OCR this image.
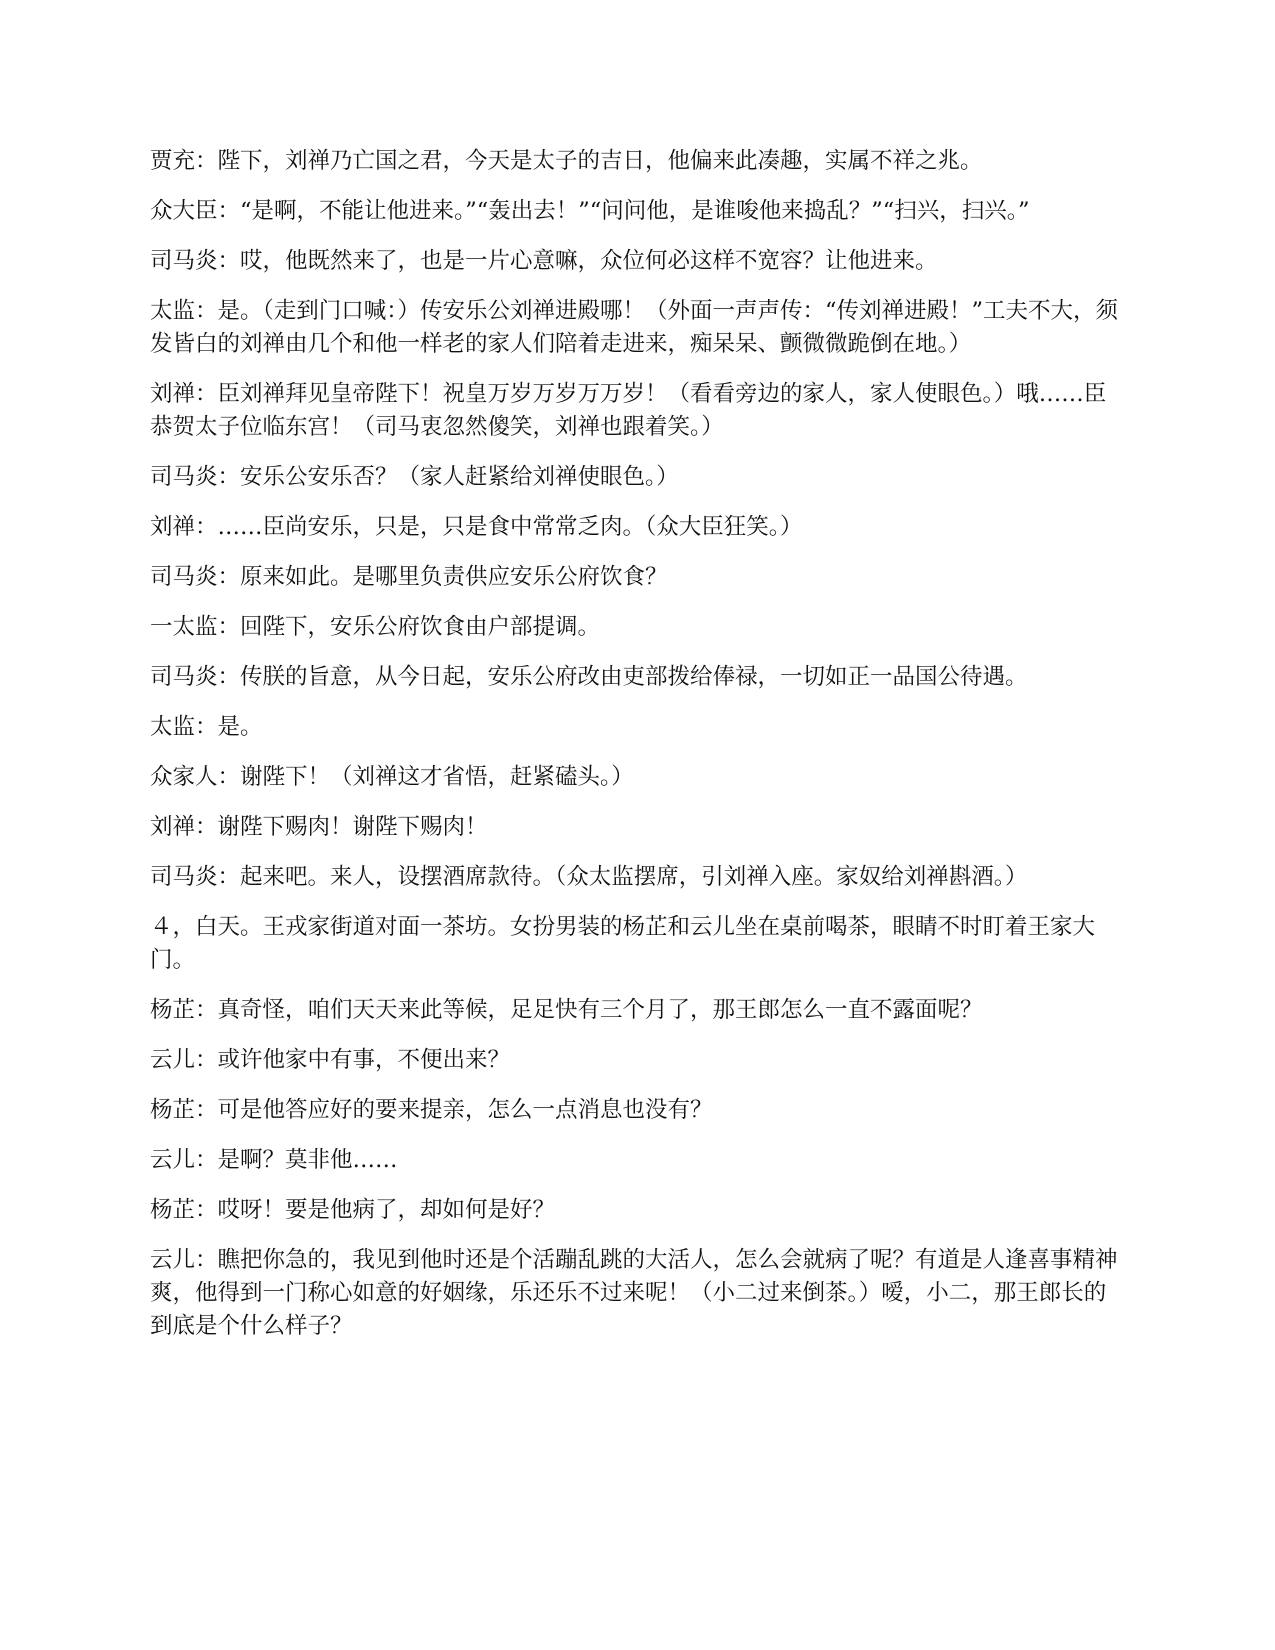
贾充：陛下，刘禅乃亡国之君，今天是太子的吉日，他偏来此凑趣，实属不祥之兆。

众大臣：“是啊，不能让他进来。”“轰出去！”“问问他，是谁唆他来捣乱？”“扫兴，扫兴。”

司马炎：哎，他既然来了，也是一片心意嘛，众位何必这样不宽容？让他进来。

太监：是。（走到门口喊：）传安乐公刘禅进殿哪！（外面一声声传：“传刘禅进殿！”工夫不大，须发皆白的刘禅由几个和他一样老的家人们陪着走进来，痴呆呆、颤微微跪倒在地。）

刘禅：臣刘禅拜见皇帝陛下！祝皇万岁万岁万万岁！（看看旁边的家人，家人使眼色。）哦……臣恭贺太子位临东宫！（司马衷忽然傻笑，刘禅也跟着笑。）

司马炎：安乐公安乐否？（家人赶紧给刘禅使眼色。）

刘禅：……臣尚安乐，只是，只是食中常常乏肉。（众大臣狂笑。）

司马炎：原来如此。是哪里负责供应安乐公府饮食？

一太监：回陛下，安乐公府饮食由户部提调。

司马炎：传朕的旨意，从今日起，安乐公府改由吏部拨给俸禄，一切如正一品国公待遇。

太监：是。

众家人：谢陛下！（刘禅这才省悟，赶紧磕头。）

刘禅：谢陛下赐肉！谢陛下赐肉！

司马炎：起来吧。来人，设摆酒席款待。（众太监摆席，引刘禅入座。家奴给刘禅斟酒。）

４，白天。王戎家街道对面一茶坊。女扮男装的杨芷和云儿坐在桌前喝茶，眼睛不时盯着王家大门。

杨芷：真奇怪，咱们天天来此等候，足足快有三个月了，那王郎怎么一直不露面呢？

云儿：或许他家中有事，不便出来？

杨芷：可是他答应好的要来提亲，怎么一点消息也没有？

云儿：是啊？莫非他……

杨芷：哎呀！要是他病了，却如何是好？

云儿：瞧把你急的，我见到他时还是个活蹦乱跳的大活人，怎么会就病了呢？有道是人逢喜事精神爽，他得到一门称心如意的好姻缘，乐还乐不过来呢！（小二过来倒茶。）嗳，小二，那王郎长的到底是个什么样子？
